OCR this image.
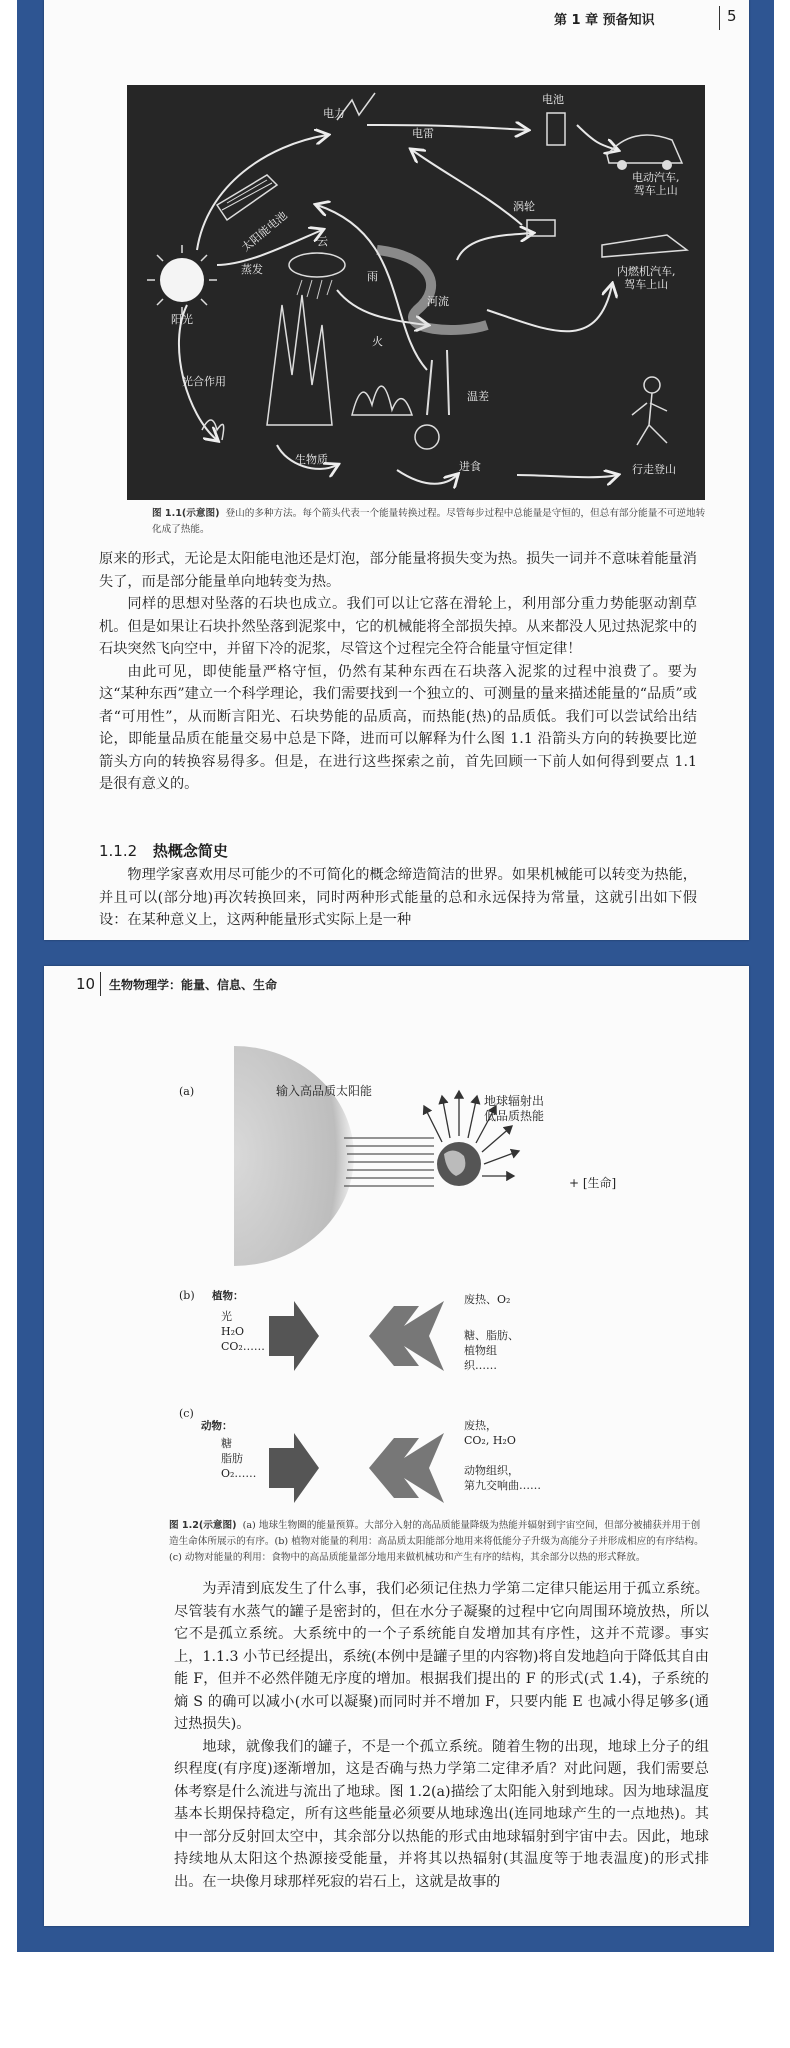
第 1 章 预备知识	5
电力
电池
电雷
电动汽车,
驾车上山
太阳能电池
涡轮
云
蒸发
雨
河流
内燃机汽车,
驾车上山
阳光
火
温差
光合作用
生物质
进食	行走登山
图 1.1(示意图) 登山的多种方法。每个箭头代表一个能量转换过程。尽管每步过程中总能量是守恒的，但总有部分能量不可逆地转化成了热能。

原来的形式，无论是太阳能电池还是灯泡，部分能量将损失变为热。损失一词并不意味着能量消失了，而是部分能量单向地转变为热。

同样的思想对坠落的石块也成立。我们可以让它落在滑轮上，利用部分重力势能驱动割草机。但是如果让石块扑然坠落到泥浆中，它的机械能将全部损失掉。从来都没人见过热泥浆中的石块突然飞向空中，并留下冷的泥浆，尽管这个过程完全符合能量守恒定律！

由此可见，即使能量严格守恒，仍然有某种东西在石块落入泥浆的过程中浪费了。要为这“某种东西”建立一个科学理论，我们需要找到一个独立的、可测量的量来描述能量的“品质”或者“可用性”，从而断言阳光、石块势能的品质高，而热能(热)的品质低。我们可以尝试给出结论，即能量品质在能量交易中总是下降，进而可以解释为什么图 1.1 沿箭头方向的转换要比逆箭头方向的转换容易得多。但是，在进行这些探索之前，首先回顾一下前人如何得到要点 1.1 是很有意义的。

1.1.2 热概念简史

物理学家喜欢用尽可能少的不可简化的概念缔造简洁的世界。如果机械能可以转变为热能，并且可以(部分地)再次转换回来，同时两种形式能量的总和永远保持为常量，这就引出如下假设：在某种意义上，这两种能量形式实际上是一种

10 生物物理学：能量、信息、生命
(a)	输入高品质太阳能
地球辐射出
低品质热能
+ [生命]
(b) 植物：
光
H₂O
CO₂……
废热、O₂
糖、脂肪、
植物组
织……
(c)
动物：
糖
脂肪
O₂……
废热，
CO₂, H₂O
动物组织，
第九交响曲……
图 1.2(示意图) (a) 地球生物圈的能量预算。大部分入射的高品质能量降级为热能并辐射到宇宙空间，但部分被捕获并用于创造生命体所展示的有序。(b) 植物对能量的利用：高品质太阳能部分地用来将低能分子升级为高能分子并形成相应的有序结构。(c) 动物对能量的利用：食物中的高品质能量部分地用来做机械功和产生有序的结构，其余部分以热的形式释放。

为弄清到底发生了什么事，我们必须记住热力学第二定律只能运用于孤立系统。尽管装有水蒸气的罐子是密封的，但在水分子凝聚的过程中它向周围环境放热，所以它不是孤立系统。大系统中的一个子系统能自发增加其有序性，这并不荒谬。事实上，1.1.3 小节已经提出，系统(本例中是罐子里的内容物)将自发地趋向于降低其自由能 F，但并不必然伴随无序度的增加。根据我们提出的 F 的形式(式 1.4)，子系统的熵 S 的确可以减小(水可以凝聚)而同时并不增加 F，只要内能 E 也减小得足够多(通过热损失)。

地球，就像我们的罐子，不是一个孤立系统。随着生物的出现，地球上分子的组织程度(有序度)逐渐增加，这是否确与热力学第二定律矛盾？对此问题，我们需要总体考察是什么流进与流出了地球。图 1.2(a)描绘了太阳能入射到地球。因为地球温度基本长期保持稳定，所有这些能量必须要从地球逸出(连同地球产生的一点地热)。其中一部分反射回太空中，其余部分以热能的形式由地球辐射到宇宙中去。因此，地球持续地从太阳这个热源接受能量，并将其以热辐射(其温度等于地表温度)的形式排出。在一块像月球那样死寂的岩石上，这就是故事的
